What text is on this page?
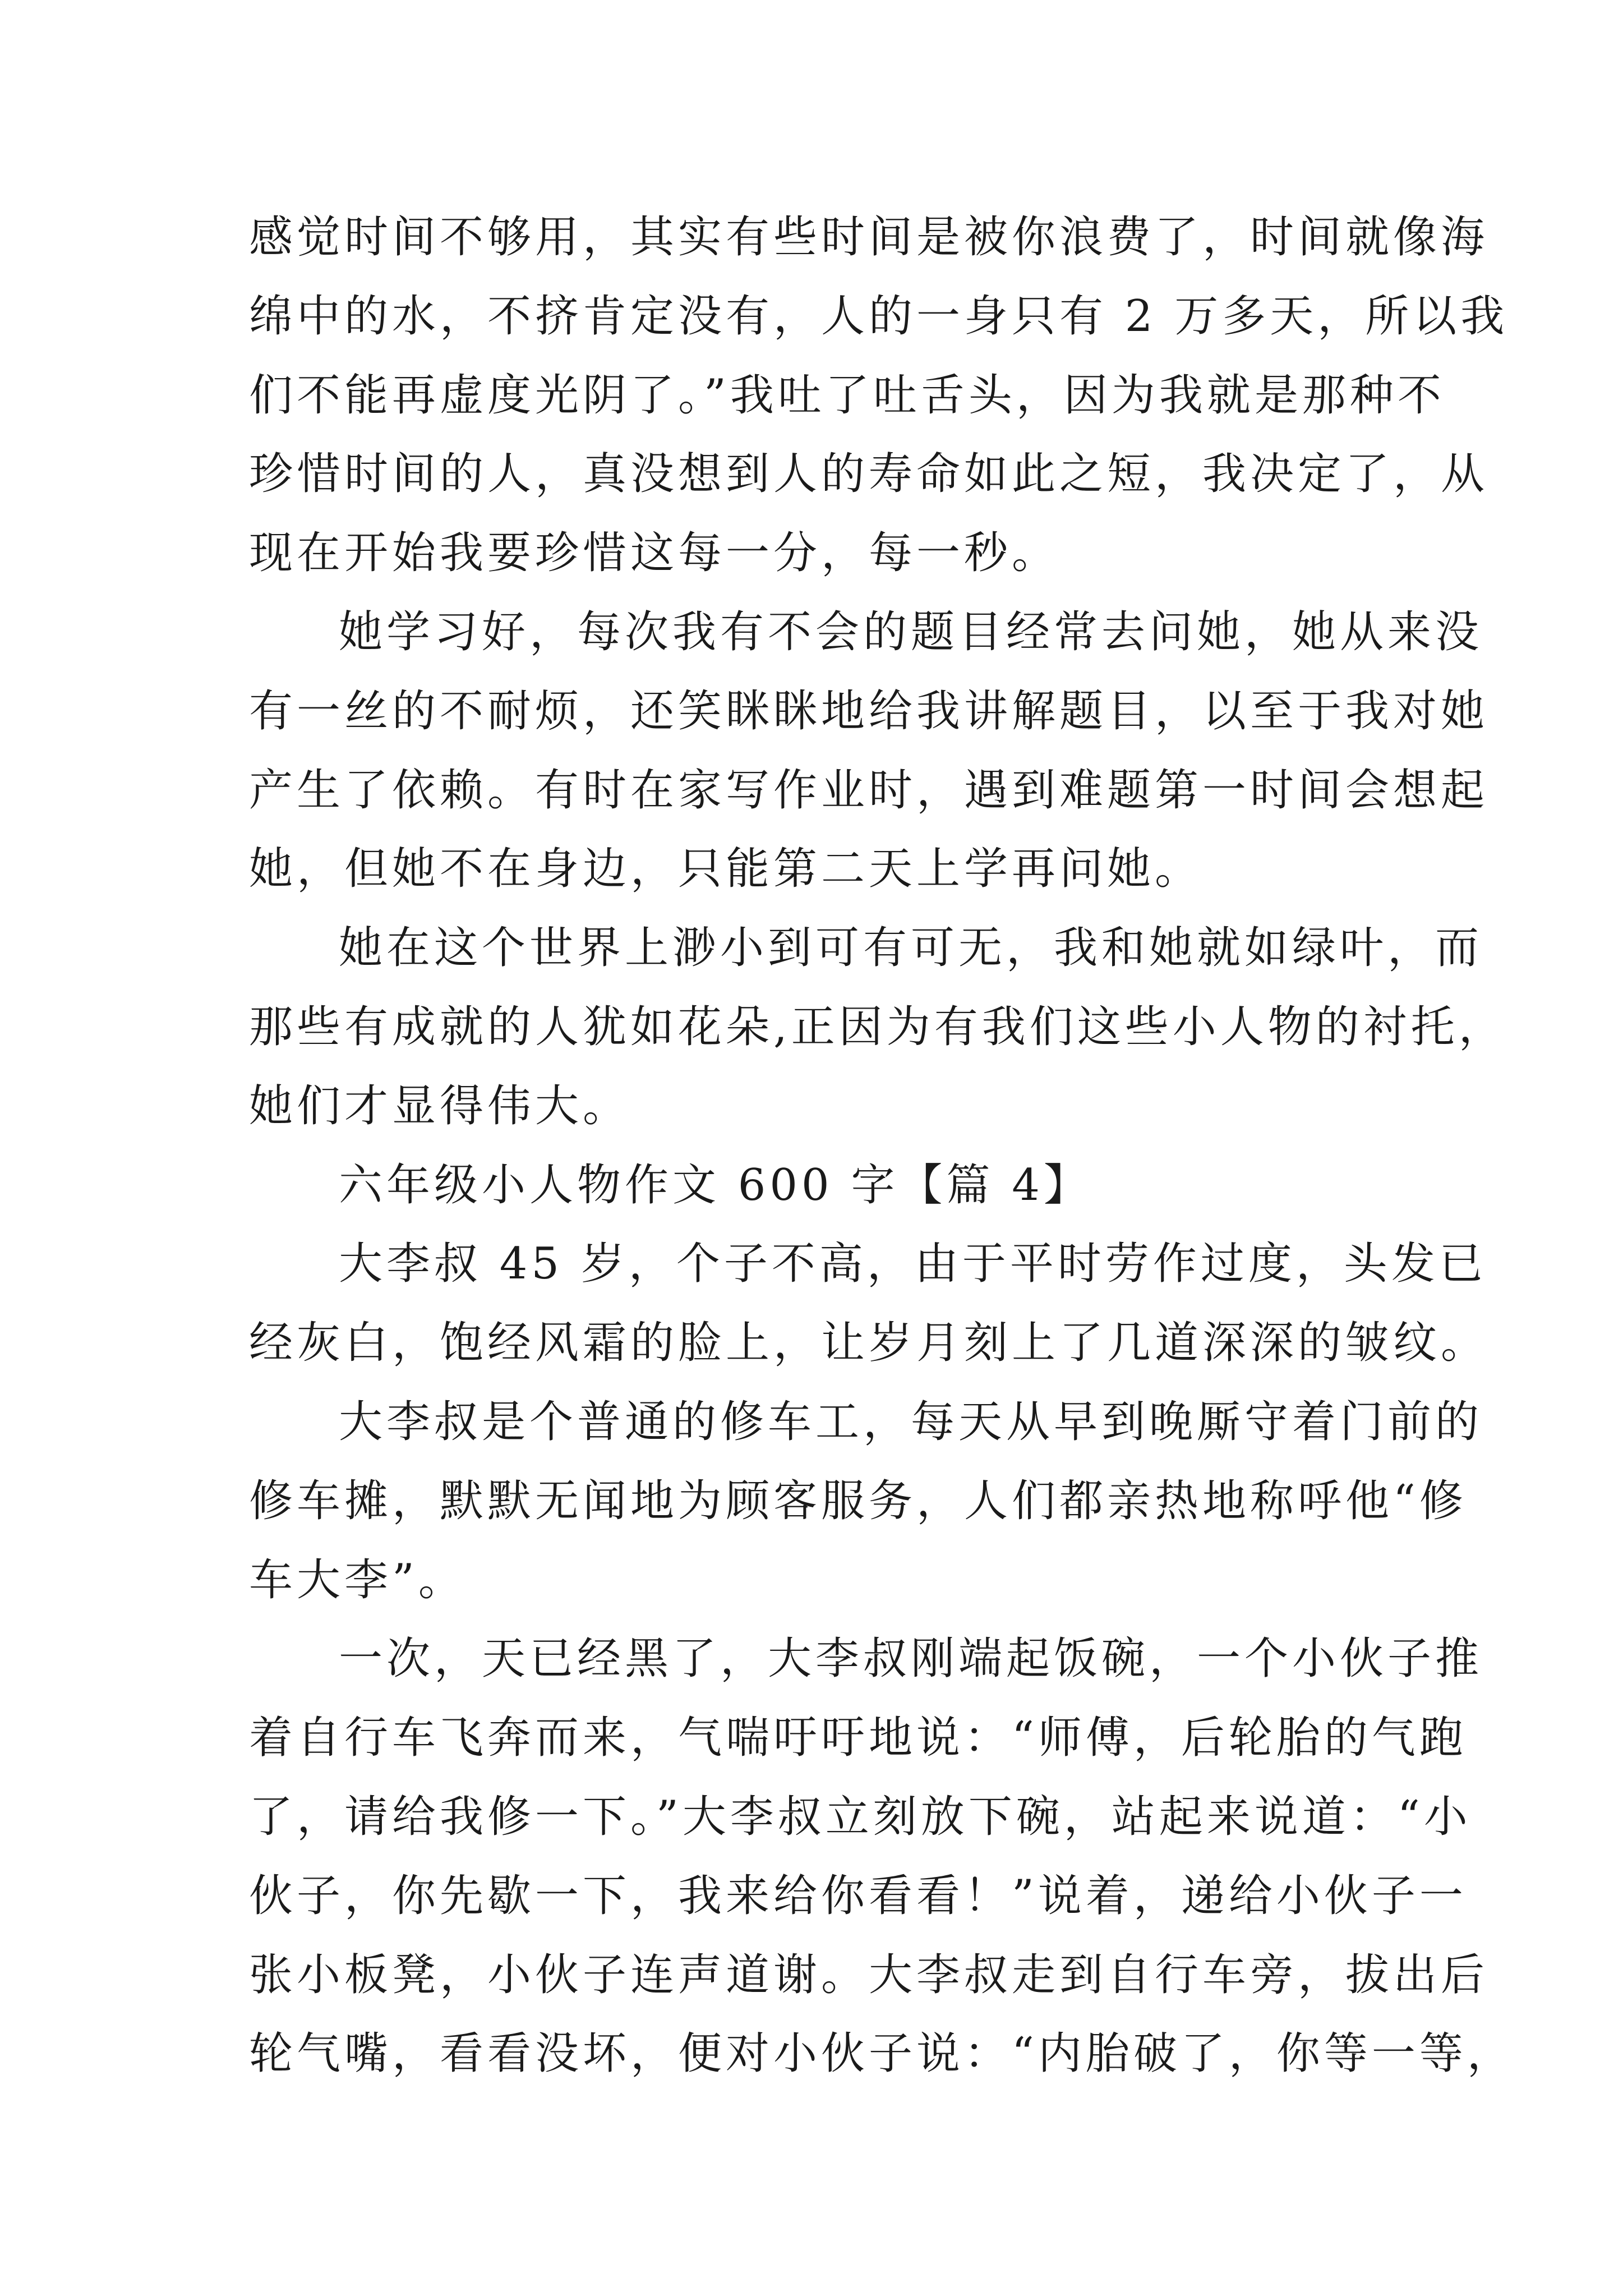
感觉时间不够用，其实有些时间是被你浪费了，时间就像海
绵中的水，不挤肯定没有，人的一身只有 2 万多天，所以我
们不能再虚度光阴了。”我吐了吐舌头，因为我就是那种不
珍惜时间的人，真没想到人的寿命如此之短，我决定了，从
现在开始我要珍惜这每一分，每一秒。

她学习好，每次我有不会的题目经常去问她，她从来没
有一丝的不耐烦，还笑眯眯地给我讲解题目，以至于我对她
产生了依赖。有时在家写作业时，遇到难题第一时间会想起
她，但她不在身边，只能第二天上学再问她。

她在这个世界上渺小到可有可无，我和她就如绿叶，而
那些有成就的人犹如花朵,正因为有我们这些小人物的衬托，
她们才显得伟大。

六年级小人物作文 600 字【篇 4】

大李叔 45 岁，个子不高，由于平时劳作过度，头发已
经灰白，饱经风霜的脸上，让岁月刻上了几道深深的皱纹。

大李叔是个普通的修车工，每天从早到晚厮守着门前的
修车摊，默默无闻地为顾客服务，人们都亲热地称呼他“修
车大李”。

一次，天已经黑了，大李叔刚端起饭碗，一个小伙子推
着自行车飞奔而来，气喘吁吁地说：“师傅，后轮胎的气跑
了，请给我修一下。”大李叔立刻放下碗，站起来说道：“小
伙子，你先歇一下，我来给你看看！”说着，递给小伙子一
张小板凳，小伙子连声道谢。大李叔走到自行车旁，拔出后
轮气嘴，看看没坏，便对小伙子说：“内胎破了，你等一等，
